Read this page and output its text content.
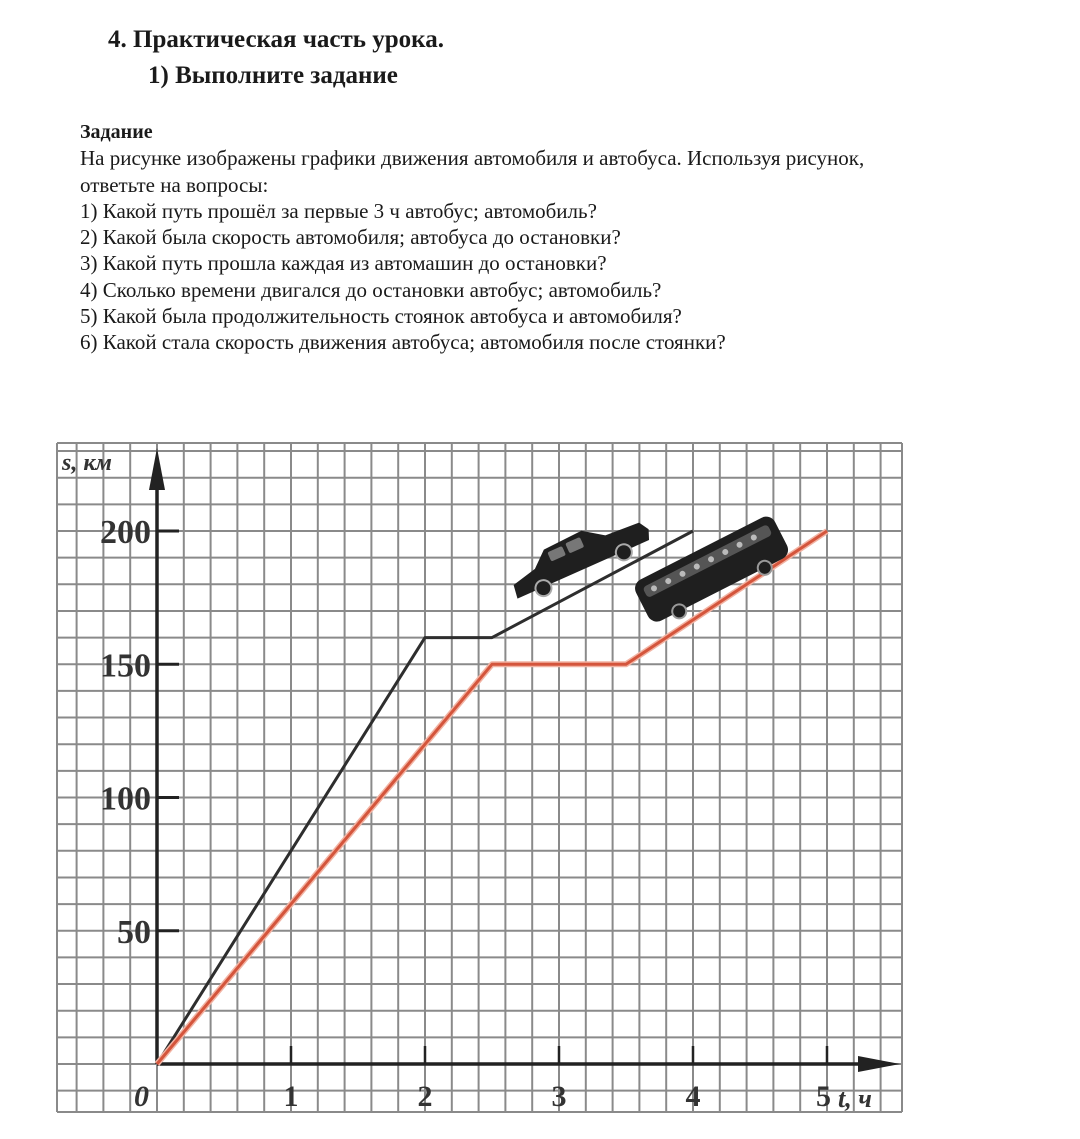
4. Практическая часть урока.
1) Выполните задание

Задание

На рисунке изображены графики движения автомобиля и автобуса. Используя рисунок,

ответьте на вопросы:

1) Какой путь прошёл за первые 3 ч автобус; автомобиль?

2) Какой была скорость автомобиля; автобуса до остановки?

3) Какой путь прошла каждая из автомашин до остановки?

4) Сколько времени двигался до остановки автобус; автомобиль?

5) Какой была продолжительность стоянок автобуса и автомобиля?

6) Какой стала скорость движения автобуса; автомобиля после стоянки?

50
100
150
200
0	1	2	3	4	5
s, км
t, ч
